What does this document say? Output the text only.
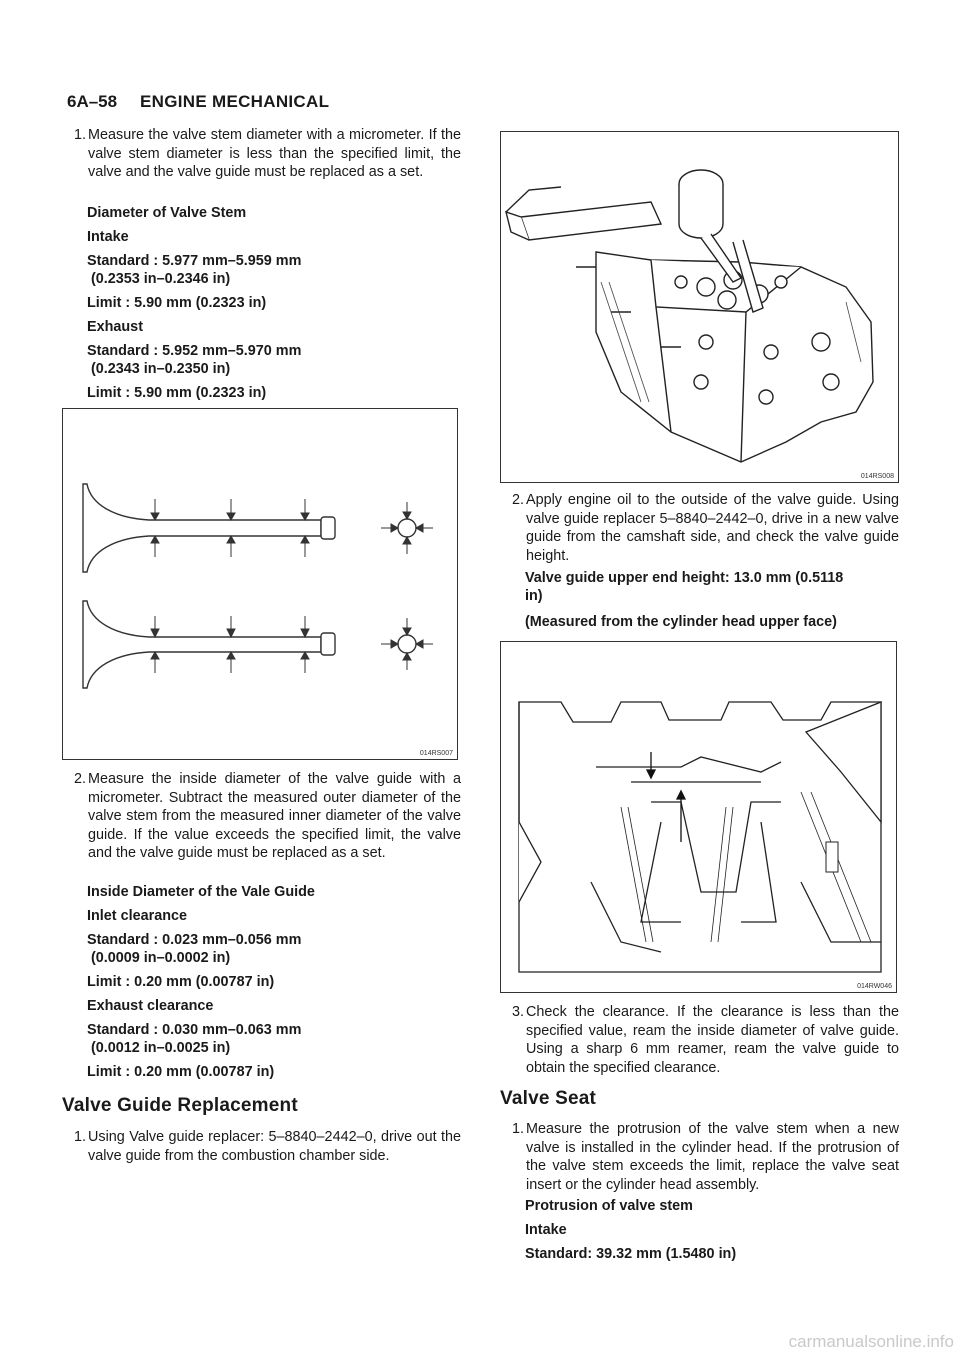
6A–58 ENGINE MECHANICAL
1. Measure the valve stem diameter with a micrometer. If the valve stem diameter is less than the specified limit, the valve and the valve guide must be replaced as a set.
Diameter of Valve Stem
Intake
Standard : 5.977 mm–5.959 mm
(0.2353 in–0.2346 in)
Limit : 5.90 mm (0.2323 in)
Exhaust
Standard : 5.952 mm–5.970 mm
(0.2343 in–0.2350 in)
Limit : 5.90 mm (0.2323 in)
014RS007
2. Measure the inside diameter of the valve guide with a micrometer. Subtract the measured outer diameter of the valve stem from the measured inner diameter of the valve guide. If the value exceeds the specified limit, the valve and the valve guide must be replaced as a set.
Inside Diameter of the Vale Guide
Inlet clearance
Standard : 0.023 mm–0.056 mm
(0.0009 in–0.0002 in)
Limit : 0.20 mm (0.00787 in)
Exhaust clearance
Standard : 0.030 mm–0.063 mm
(0.0012 in–0.0025 in)
Limit : 0.20 mm (0.00787 in)
Valve Guide Replacement
1. Using Valve guide replacer: 5–8840–2442–0, drive out the valve guide from the combustion chamber side.
014RS008
2. Apply engine oil to the outside of the valve guide. Using valve guide replacer 5–8840–2442–0, drive in a new valve guide from the camshaft side, and check the valve guide height.
Valve guide upper end height: 13.0 mm (0.5118
in)
(Measured from the cylinder head upper face)
014RW046
3. Check the clearance. If the clearance is less than the specified value, ream the inside diameter of valve guide. Using a sharp 6 mm reamer, ream the valve guide to obtain the specified clearance.
Valve Seat
1. Measure the protrusion of the valve stem when a new valve is installed in the cylinder head. If the protrusion of the valve stem exceeds the limit, replace the valve seat insert or the cylinder head assembly.
Protrusion of valve stem
Intake
Standard: 39.32 mm (1.5480 in)
carmanualsonline.info
